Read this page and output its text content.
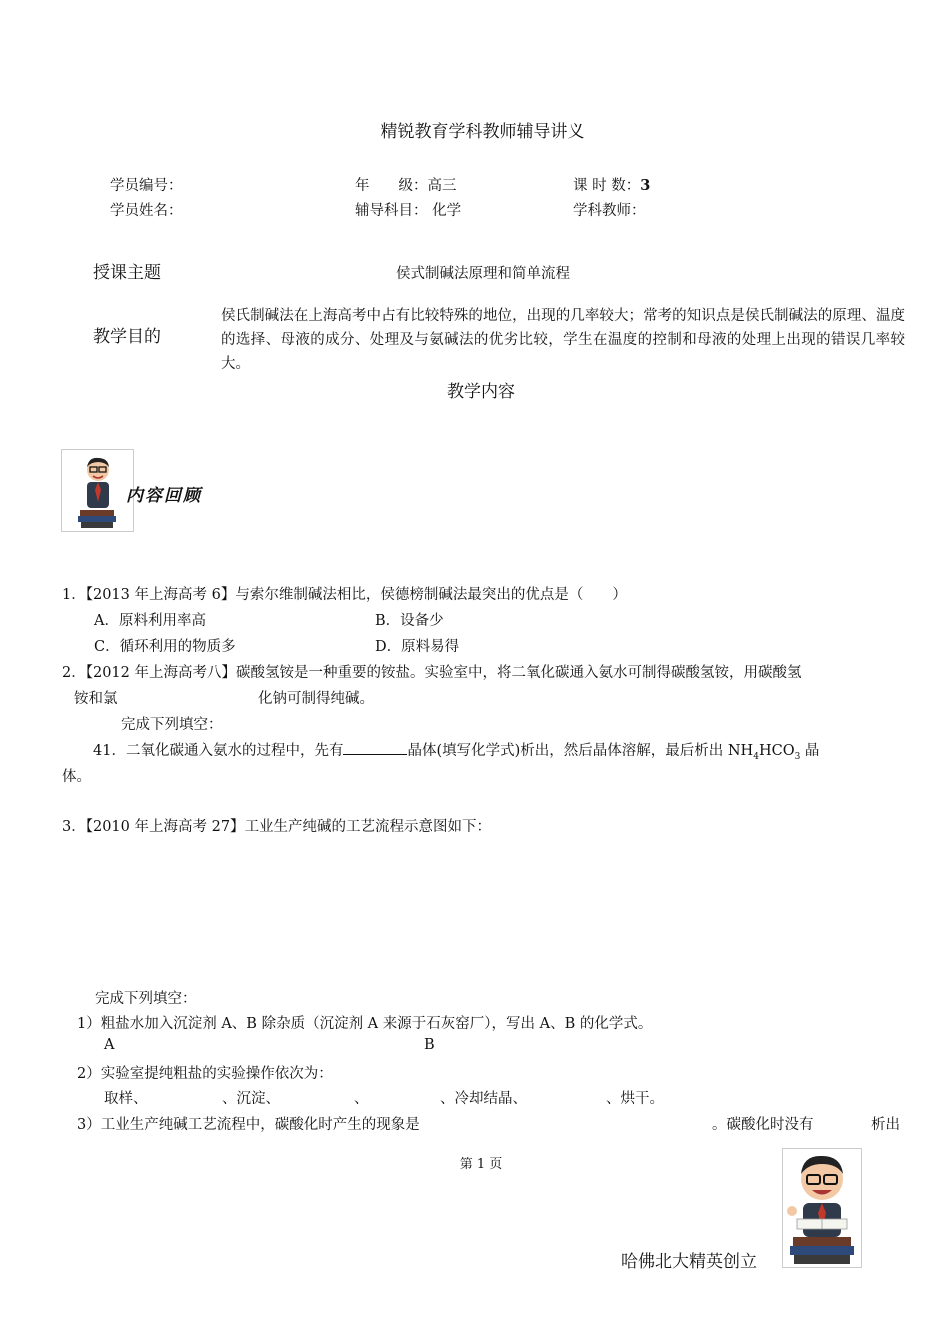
精锐教育学科教师辅导讲义
学员编号：	年　　级：高三	课 时 数：3
学员姓名：	辅导科目： 化学	学科教师：
授课主题	侯式制碱法原理和简单流程
教学目的
侯氏制碱法在上海高考中占有比较特殊的地位，出现的几率较大；常考的知识点是侯氏制碱法的原理、温度的选择、母液的成分、处理及与氨碱法的优劣比较，学生在温度的控制和母液的处理上出现的错误几率较大。
教学内容
内容回顾
1．【2013 年上海高考 6】与索尔维制碱法相比，侯德榜制碱法最突出的优点是（　　）
A．原料利用率高	B．设备少
C．循环利用的物质多	D．原料易得
2．【2012 年上海高考八】碳酸氢铵是一种重要的铵盐。实验室中，将二氧化碳通入氨水可制得碳酸氢铵，用碳酸氢
铵和氯	化钠可制得纯碱。
完成下列填空：
41．二氧化碳通入氨水的过程中，先有	晶体(填写化学式)析出，然后晶体溶解，最后析出 $NH_4HCO_3$ 晶
体。
3．【2010 年上海高考 27】工业生产纯碱的工艺流程示意图如下：
完成下列填空：
1）粗盐水加入沉淀剂 A、B 除杂质（沉淀剂 A 来源于石灰窑厂），写出 A、B 的化学式。
A	B
2）实验室提纯粗盐的实验操作依次为：
取样、	、沉淀、	、	、冷却结晶、	、烘干。
3）工业生产纯碱工艺流程中，碳酸化时产生的现象是	。碳酸化时没有	析出
第 1 页
哈佛北大精英创立
